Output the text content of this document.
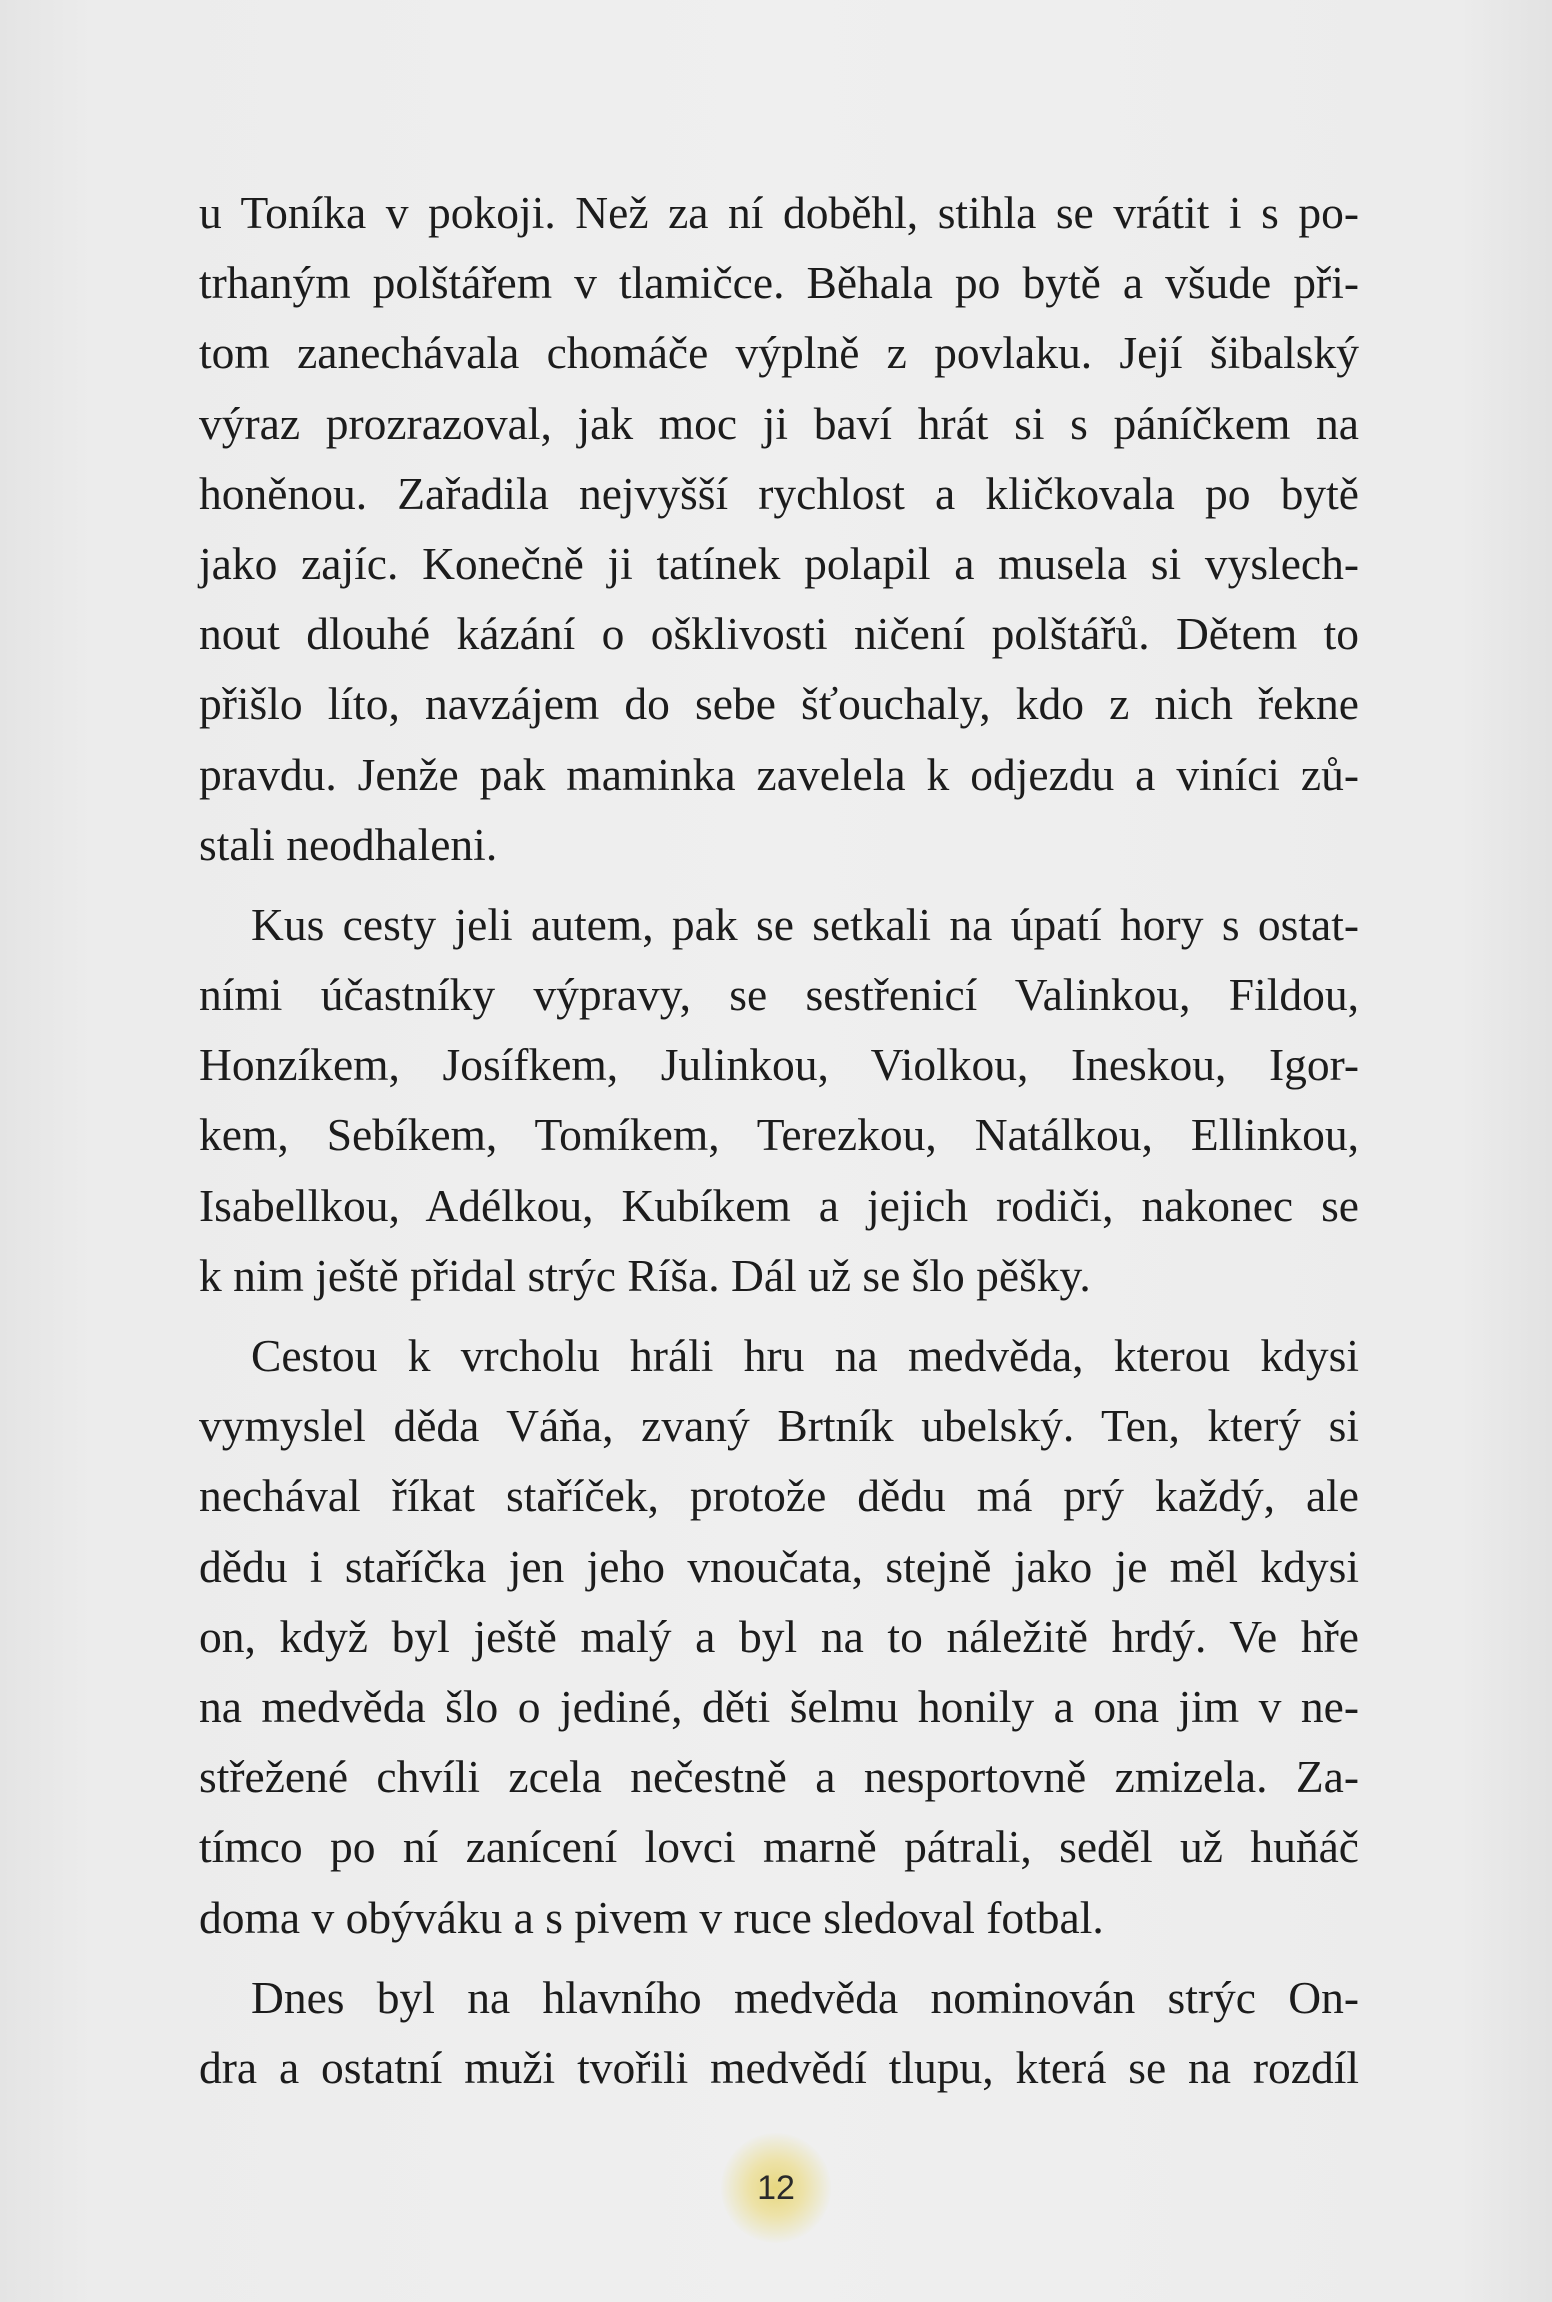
u Toníka v pokoji. Než za ní doběhl, stihla se vrátit i s po-
trhaným polštářem v tlamičce. Běhala po bytě a všude při-
tom zanechávala chomáče výplně z povlaku. Její šibalský
výraz prozrazoval, jak moc ji baví hrát si s páníčkem na
honěnou. Zařadila nejvyšší rychlost a kličkovala po bytě
jako zajíc. Konečně ji tatínek polapil a musela si vyslech-
nout dlouhé kázání o ošklivosti ničení polštářů. Dětem to
přišlo líto, navzájem do sebe šťouchaly, kdo z nich řekne
pravdu. Jenže pak maminka zavelela k odjezdu a viníci zů-
stali neodhaleni.
Kus cesty jeli autem, pak se setkali na úpatí hory s ostat-
ními účastníky výpravy, se sestřenicí Valinkou, Fildou,
Honzíkem, Josífkem, Julinkou, Violkou, Ineskou, Igor-
kem, Sebíkem, Tomíkem, Terezkou, Natálkou, Ellinkou,
Isabellkou, Adélkou, Kubíkem a jejich rodiči, nakonec se
k nim ještě přidal strýc Ríša. Dál už se šlo pěšky.
Cestou k vrcholu hráli hru na medvěda, kterou kdysi
vymyslel děda Váňa, zvaný Brtník ubelský. Ten, který si
nechával říkat staříček, protože dědu má prý každý, ale
dědu i staříčka jen jeho vnoučata, stejně jako je měl kdysi
on, když byl ještě malý a byl na to náležitě hrdý. Ve hře
na medvěda šlo o jediné, děti šelmu honily a ona jim v ne-
střežené chvíli zcela nečestně a nesportovně zmizela. Za-
tímco po ní zanícení lovci marně pátrali, seděl už huňáč
doma v obýváku a s pivem v ruce sledoval fotbal.
Dnes byl na hlavního medvěda nominován strýc On-
dra a ostatní muži tvořili medvědí tlupu, která se na rozdíl
12
